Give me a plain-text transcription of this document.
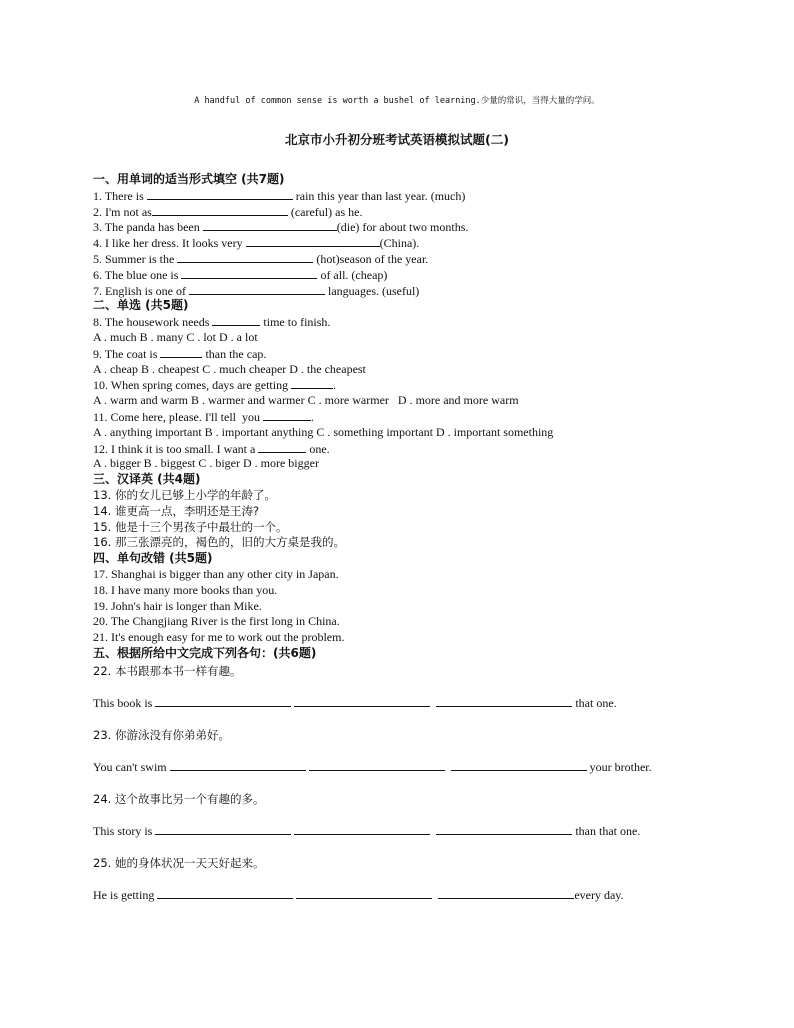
A handful of common sense is worth a bushel of learning.少量的常识，当得大量的学问。
北京市小升初分班考试英语模拟试题(二)
一、用单词的适当形式填空 (共7题)
1. There is	rain this year than last year. (much)
2. I'm not as	(careful) as he.
3. The panda has been	(die) for about two months.
4. I like her dress. It looks very	(China).
5. Summer is the	(hot)season of the year.
6. The blue one is	of all. (cheap)
7. English is one of	languages. (useful)
二、单选 (共5题)
8. The housework needs	time to finish.
A . much B . many C . lot D . a lot
9. The coat is	than the cap.
A . cheap B . cheapest C . much cheaper D . the cheapest
10. When spring comes, days are getting	.
A . warm and warm B . warmer and warmer C . more warmer   D . more and more warm
11. Come here, please. I'll tell  you	.
A . anything important B . important anything C . something important D . important something
12. I think it is too small. I want a	one.
A . bigger B . biggest C . biger D . more bigger
三、汉译英 (共4题)
13. 你的女儿已够上小学的年龄了。
14. 谁更高一点，李明还是王涛?
15. 他是十三个男孩子中最壮的一个。
16. 那三张漂亮的，褐色的，旧的大方桌是我的。
四、单句改错 (共5题)
17. Shanghai is bigger than any other city in Japan.
18. I have many more books than you.
19. John's hair is longer than Mike.
20. The Changjiang River is the first long in China.
21. It's enough easy for me to work out the problem.
五、根据所给中文完成下列各句：(共6题)
22. 本书跟那本书一样有趣。
This book is	that one.
23. 你游泳没有你弟弟好。
You can't swim	your brother.
24. 这个故事比另一个有趣的多。
This story is	than that one.
25. 她的身体状况一天天好起来。
He is getting	every day.
